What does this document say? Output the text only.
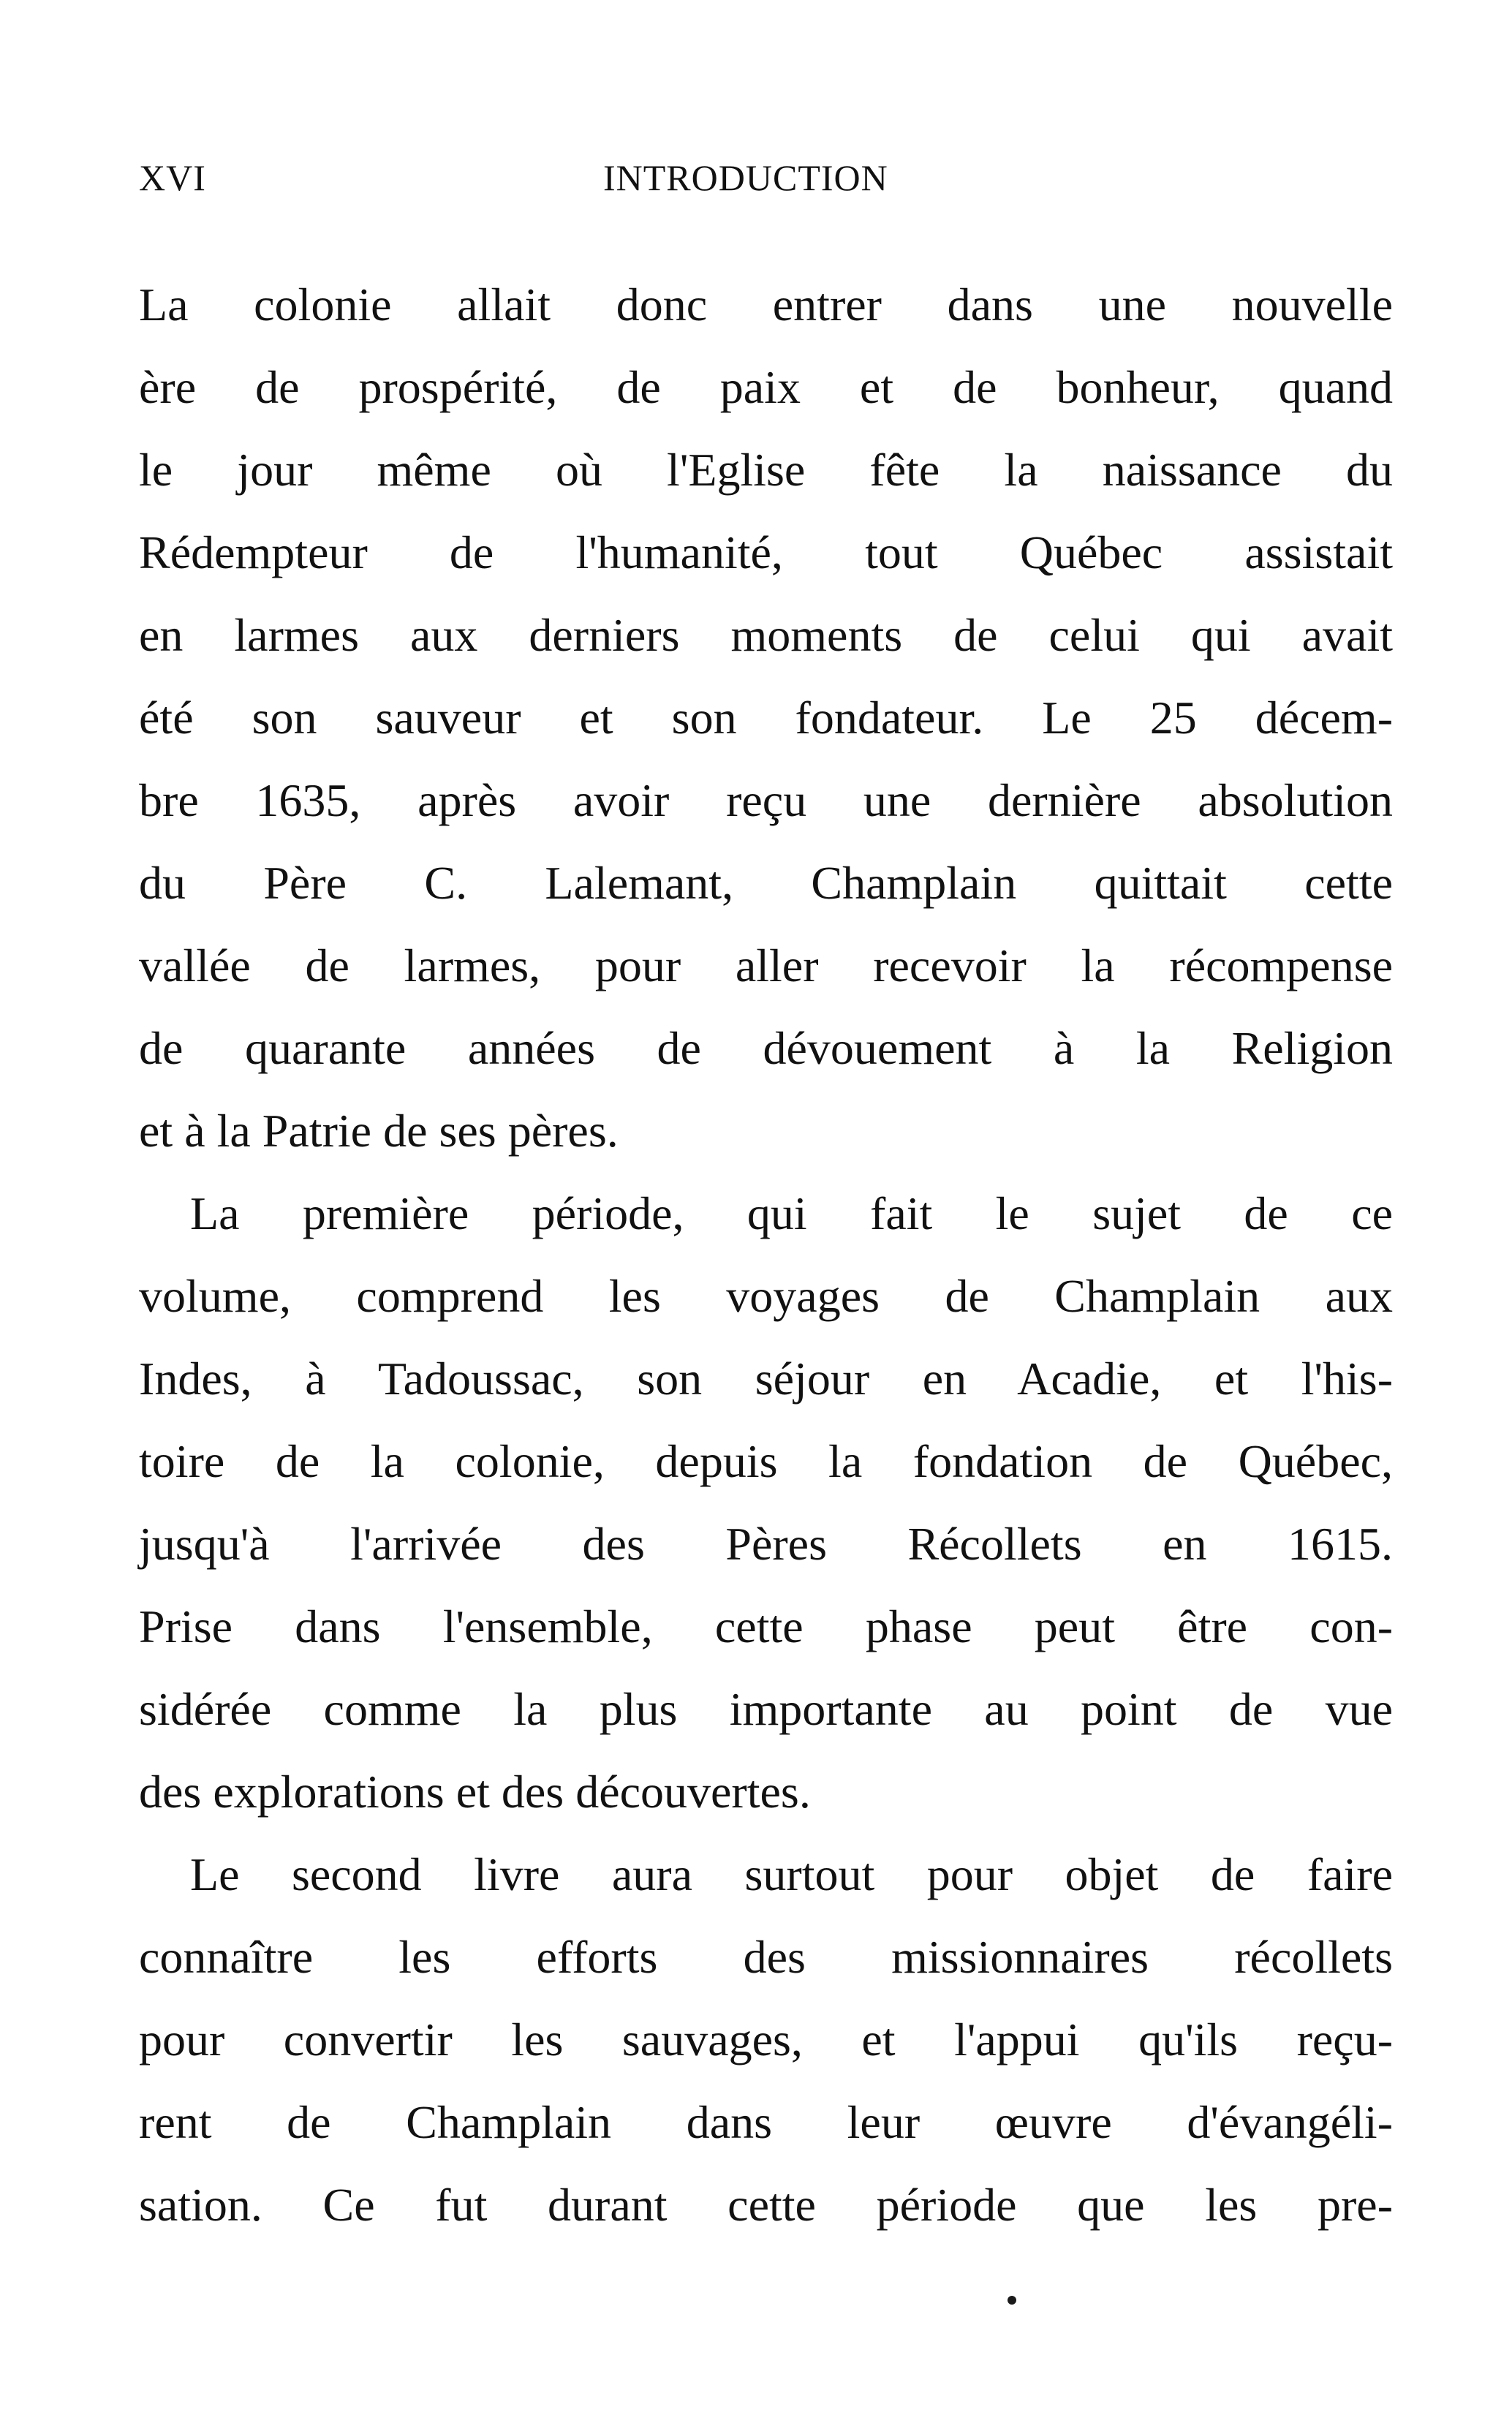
XVI	INTRODUCTION
La colonie allait donc entrer dans une nouvelle
ère de prospérité, de paix et de bonheur, quand
le jour même où l'Eglise fête la naissance du
Rédempteur de l'humanité, tout Québec assistait
en larmes aux derniers moments de celui qui avait
été son sauveur et son fondateur. Le 25 décem-
bre 1635, après avoir reçu une dernière absolution
du Père C. Lalemant, Champlain quittait cette
vallée de larmes, pour aller recevoir la récompense
de quarante années de dévouement à la Religion
et à la Patrie de ses pères.
La première période, qui fait le sujet de ce
volume, comprend les voyages de Champlain aux
Indes, à Tadoussac, son séjour en Acadie, et l'his-
toire de la colonie, depuis la fondation de Québec,
jusqu'à l'arrivée des Pères Récollets en 1615.
Prise dans l'ensemble, cette phase peut être con-
sidérée comme la plus importante au point de vue
des explorations et des découvertes.
Le second livre aura surtout pour objet de faire
connaître les efforts des missionnaires récollets
pour convertir les sauvages, et l'appui qu'ils reçu-
rent de Champlain dans leur œuvre d'évangéli-
sation. Ce fut durant cette période que les pre-
